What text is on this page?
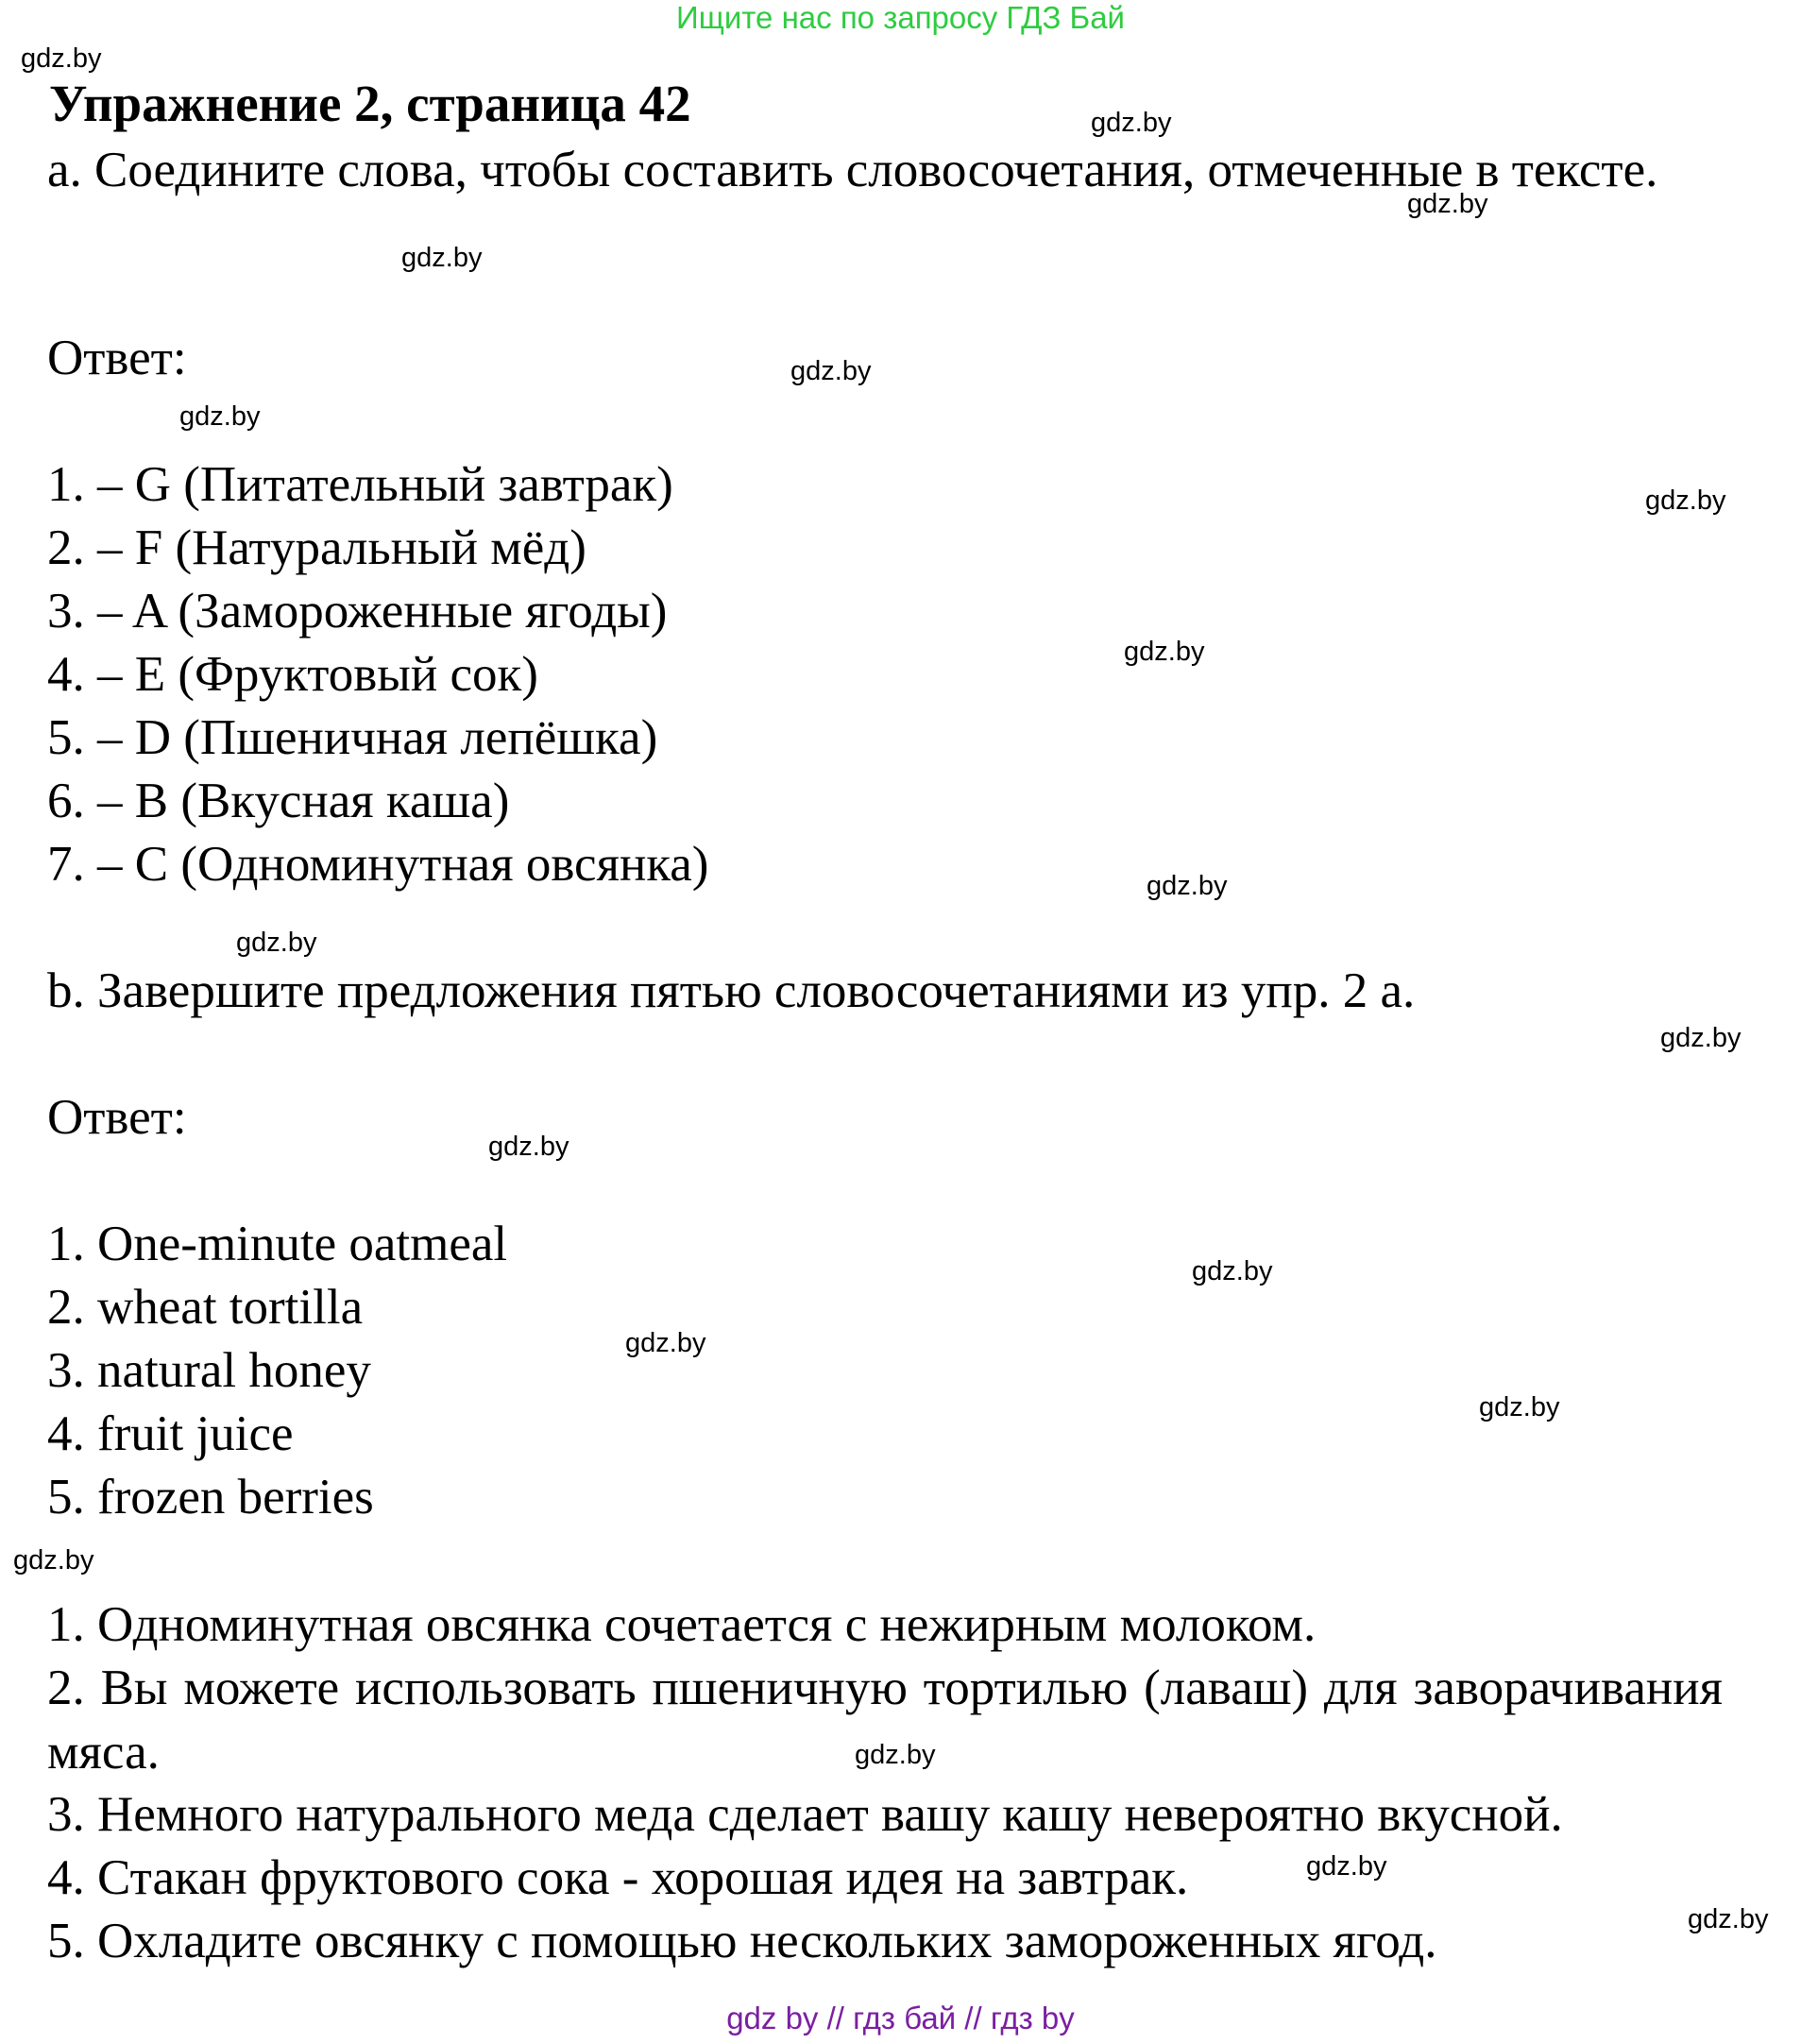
Ищите нас по запросу ГДЗ Бай
Упражнение 2, страница 42
a. Соедините слова, чтобы составить словосочетания, отмеченные в тексте.
Ответ:
1. – G (Питательный завтрак)
2. – F (Натуральный мёд)
3. – A (Замороженные ягоды)
4. – E (Фруктовый сок)
5. – D (Пшеничная лепёшка)
6. – B (Вкусная каша)
7. – C (Одноминутная овсянка)
b. Завершите предложения пятью словосочетаниями из упр. 2 а.
Ответ:
1. One-minute oatmeal
2. wheat tortilla
3. natural honey
4. fruit juice
5. frozen berries
1. Одноминутная овсянка сочетается с нежирным молоком.
2. Вы можете использовать пшеничную тортилью (лаваш) для заворачивания мяса.
3. Немного натурального меда сделает вашу кашу невероятно вкусной.
4. Стакан фруктового сока - хорошая идея на завтрак.
5. Охладите овсянку с помощью нескольких замороженных ягод.
gdz.by
gdz.by
gdz.by
gdz.by
gdz.by
gdz.by
gdz.by
gdz.by
gdz.by
gdz.by
gdz.by
gdz.by
gdz.by
gdz.by
gdz.by
gdz.by
gdz.by
gdz.by
gdz.by
gdz by // гдз бай // гдз by
